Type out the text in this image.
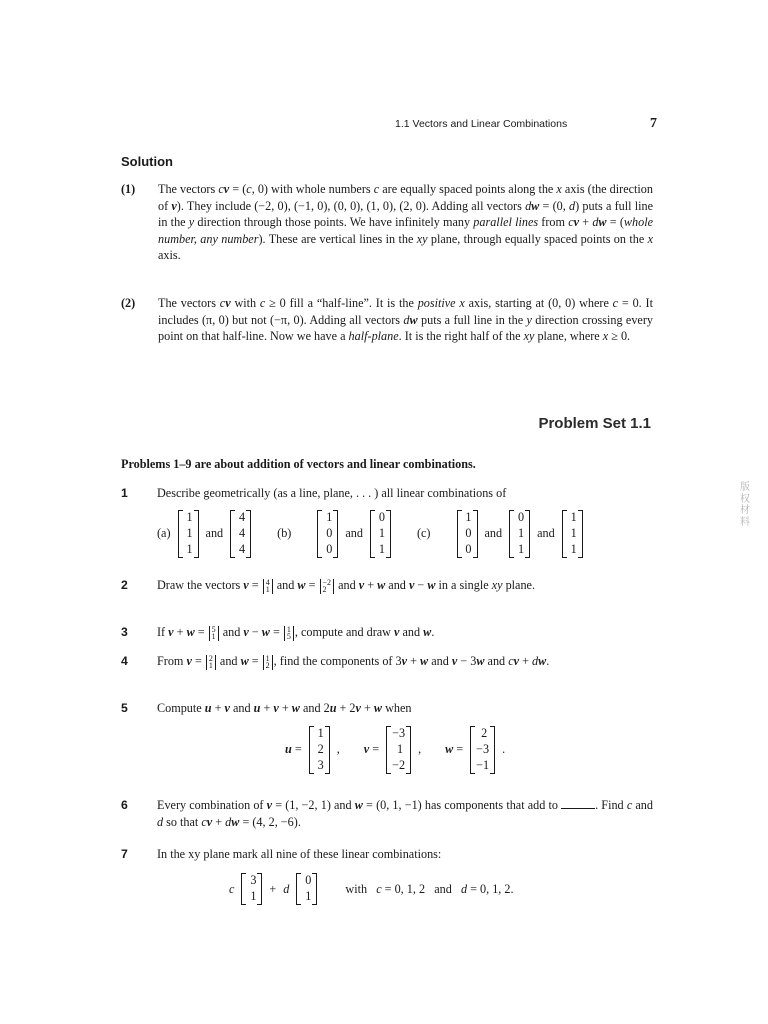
1.1 Vectors and Linear Combinations	7
Solution
(1)	The vectors cv = (c, 0) with whole numbers c are equally spaced points along the x axis (the direction of v). They include (−2, 0), (−1, 0), (0, 0), (1, 0), (2, 0). Adding all vectors dw = (0, d) puts a full line in the y direction through those points. We have infinitely many parallel lines from cv + dw = (whole number, any number). These are vertical lines in the xy plane, through equally spaced points on the x axis.
(2)	The vectors cv with c ≥ 0 fill a “half-line”. It is the positive x axis, starting at (0, 0) where c = 0. It includes (π, 0) but not (−π, 0). Adding all vectors dw puts a full line in the y direction crossing every point on that half-line. Now we have a half-plane. It is the right half of the xy plane, where x ≥ 0.
Problem Set 1.1
Problems 1–9 are about addition of vectors and linear combinations.
1 Describe geometrically (as a line, plane, . . . ) all linear combinations of
(a)
1
1
1
and
4
4
4
(b)
1
0
0
and
0
1
1
(c)
1
0
0
and
0
1
1
and
1
1
1
2 Draw the vectors v = 4
1 and w = −2
2 and v + w and v − w in a single xy plane.
3 If v + w = 5
1 and v − w = 1
5 , compute and draw v and w.
4 From v = 2
1 and w = 1
2 , find the components of 3v + w and v − 3w and cv + dw.
5 Compute u + v and u + v + w and 2u + 2v + w when
u =
1
2
3
, v =
−3
1
−2
, w =
2
−3
−1
.
6 Every combination of v = (1, −2, 1) and w = (0, 1, −1) has components that add to	. Find c and d so that cv + dw = (4, 2, −6).
7 In the xy plane mark all nine of these linear combinations:
c
3
1
+ d
0
1
with   c = 0, 1, 2   and   d = 0, 1, 2.
版权材料
